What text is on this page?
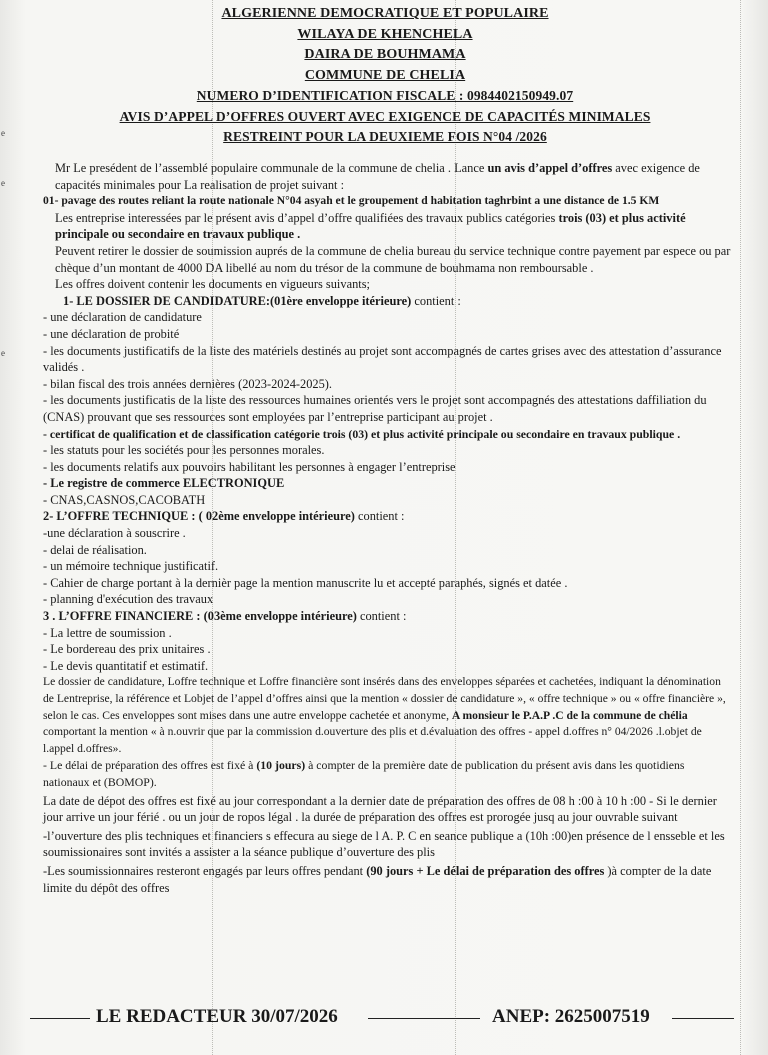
e
e
e
ALGERIENNE DEMOCRATIQUE ET POPULAIRE
WILAYA DE KHENCHELA
DAIRA DE BOUHMAMA
COMMUNE DE CHELIA
NUMERO D’IDENTIFICATION FISCALE : 0984402150949.07
AVIS D’APPEL D’OFFRES OUVERT AVEC EXIGENCE DE CAPACITÉS MINIMALES
RESTREINT POUR LA DEUXIEME FOIS N°04 /2026

Mr Le presédent de l’assemblé populaire communale de la commune de chelia . Lance un avis d’appel d’offres avec exigence de capacités minimales pour La realisation de projet suivant :

01- pavage des routes reliant la route nationale N°04 asyah et le groupement d habitation taghrbint a une distance de 1.5 KM

Les entreprise interessées par le présent avis d’appel d’offre qualifiées des travaux publics catégories trois (03) et plus activité principale ou secondaire en travaux publique .

Peuvent retirer le dossier de soumission auprés de la commune de chelia bureau du service technique contre payement par espece ou par chèque d’un montant de 4000 DA libellé au nom du trésor de la commune de bouhmama non remboursable .

Les offres doivent contenir les documents en vigueurs suivants;

1- LE DOSSIER DE CANDIDATURE:(01ère enveloppe itérieure) contient :

- une déclaration de candidature

- une déclaration de probité

- les documents justificatifs de la liste des matériels destinés au projet sont accompagnés de cartes grises avec des attestation d’assurance validés .

- bilan fiscal des trois années dernières (2023-2024-2025).

- les documents justificatis de la liste des ressources humaines orientés vers le projet sont accompagnés des attestations daffiliation du (CNAS) prouvant que ses ressources sont employées par l’entreprise participant au projet .

- certificat de qualification et de classification catégorie trois (03) et plus activité principale ou secondaire en travaux publique .

- les statuts pour les sociétés pour les personnes morales.

- les documents relatifs aux pouvoirs habilitant les personnes à engager l’entreprise

- Le registre de commerce ELECTRONIQUE

- CNAS,CASNOS,CACOBATH

2- L’OFFRE TECHNIQUE : ( 02ème enveloppe intérieure) contient :

-une déclaration à souscrire .

- delai de réalisation.

- un mémoire technique justificatif.

- Cahier de charge portant à la dernièr page la mention manuscrite lu et accepté paraphés, signés et datée .

- planning d'exécution des travaux

3 . L’OFFRE FINANCIERE : (03ème enveloppe intérieure) contient :

- La lettre de soumission .

- Le bordereau des prix unitaires .

- Le devis quantitatif et estimatif.

Le dossier de candidature, Loffre technique et Loffre financière sont insérés dans des enveloppes séparées et cachetées, indiquant la dénomination de Lentreprise, la référence et Lobjet de l’appel d’offres ainsi que la mention « dossier de candidature », « offre technique » ou « offre financière », selon le cas. Ces enveloppes sont mises dans une autre enveloppe cachetée et anonyme, A monsieur le P.A.P .C de la commune de chélia comportant la mention « à n.ouvrir que par la commission d.ouverture des plis et d.évaluation des offres - appel d.offres n° 04/2026 .l.objet de l.appel d.offres».

- Le délai de préparation des offres est fixé à (10 jours) à compter de la première date de publication du présent avis dans les quotidiens nationaux et (BOMOP).

La date de dépot des offres est fixé au jour correspondant a la dernier date de préparation des offres de 08 h :00 à 10 h :00 - Si le dernier jour arrive un jour férié . ou un jour de ropos légal . la durée de préparation des offres est prorogée jusq au jour ouvrable suivant

-l’ouverture des plis techniques et financiers s effecura au siege de l A. P. C en seance publique a (10h :00)en présence de l ensseble et les soumissionaires sont invités a assister a la séance publique d’ouverture des plis

-Les soumissionnaires resteront engagés par leurs offres pendant (90 jours + Le délai de préparation des offres )à compter de la date limite du dépôt des offres

LE REDACTEUR 30/07/2026	ANEP: 2625007519
